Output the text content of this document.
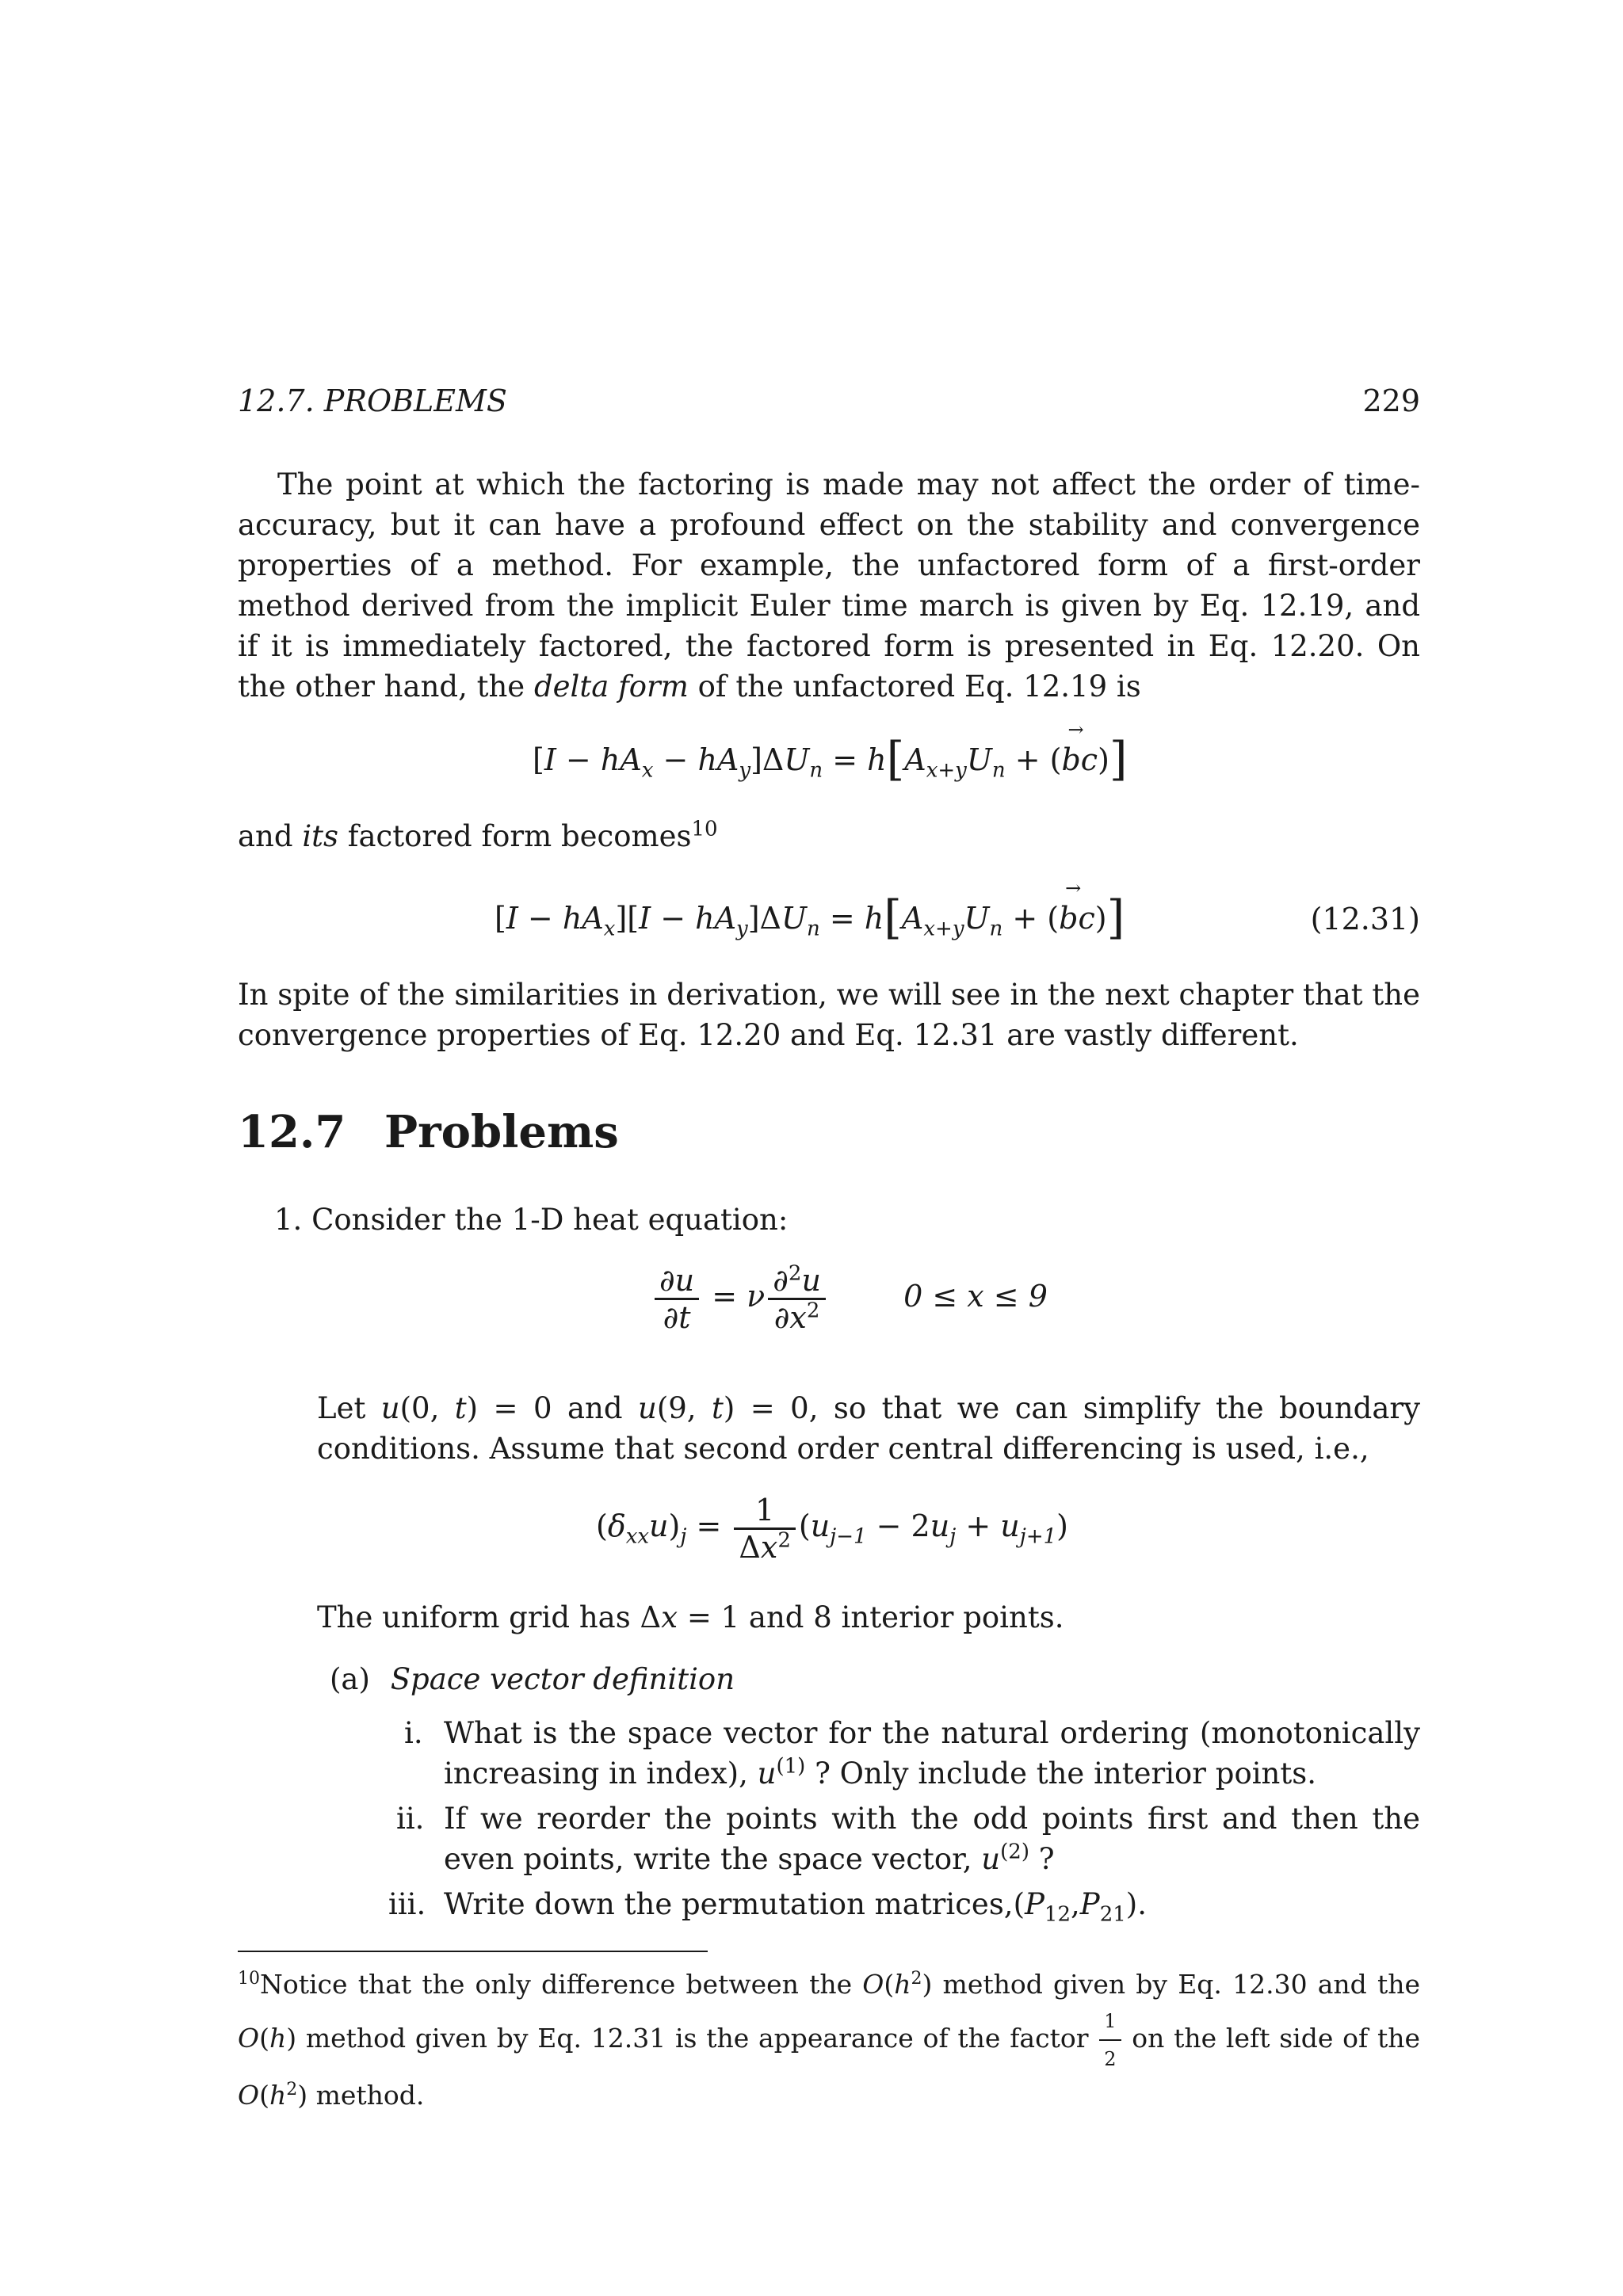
12.7. PROBLEMS	229
The point at which the factoring is made may not affect the order of time-accuracy, but it can have a profound effect on the stability and convergence properties of a method. For example, the unfactored form of a first-order method derived from the implicit Euler time march is given by Eq. 12.19, and if it is immediately factored, the factored form is presented in Eq. 12.20. On the other hand, the delta form of the unfactored Eq. 12.19 is
$[I - hA_x - hA_y]\Delta U_n = h[A_{x+y}U_n$ + (→ bc)]
and its factored form becomes$^{10}$
$[I - hA_x][I - hA_y]\Delta U_n = h[A_{x+y}U_n$ + (→ bc)]	(12.31)
In spite of the similarities in derivation, we will see in the next chapter that the convergence properties of Eq. 12.20 and Eq. 12.31 are vastly different.
12.7 Problems
1. Consider the 1-D heat equation:
$\frac{\partial u}{\partial t} = \nu \frac{\partial^2u}{\partial x^2}$	0 ≤ x ≤ 9
Let u(0, t) = 0 and u(9, t) = 0, so that we can simplify the boundary conditions. Assume that second order central differencing is used, i.e.,
$(\delta_{xx}u)_j = \frac{1}{\Delta x^2} (u_{j-1} - 2u_j + u_{j+1})$
The uniform grid has Δx = 1 and 8 interior points.
(a) Space vector definition
i. What is the space vector for the natural ordering (monotonically increasing in index), $u^{(1)}$ ? Only include the interior points.
ii. If we reorder the points with the odd points first and then the even points, write the space vector, $u^{(2)}$ ?
iii. Write down the permutation $matrices,(P_{12},P_{21})$.
$^{10}$Notice that the only difference between the $O(h^2)$ method given by Eq. 12.30 and the O(h) method given by Eq. 12.31 is the appearance of the factor $\frac{1}{2}$ on the left side of the $O(h^2)$ method.
